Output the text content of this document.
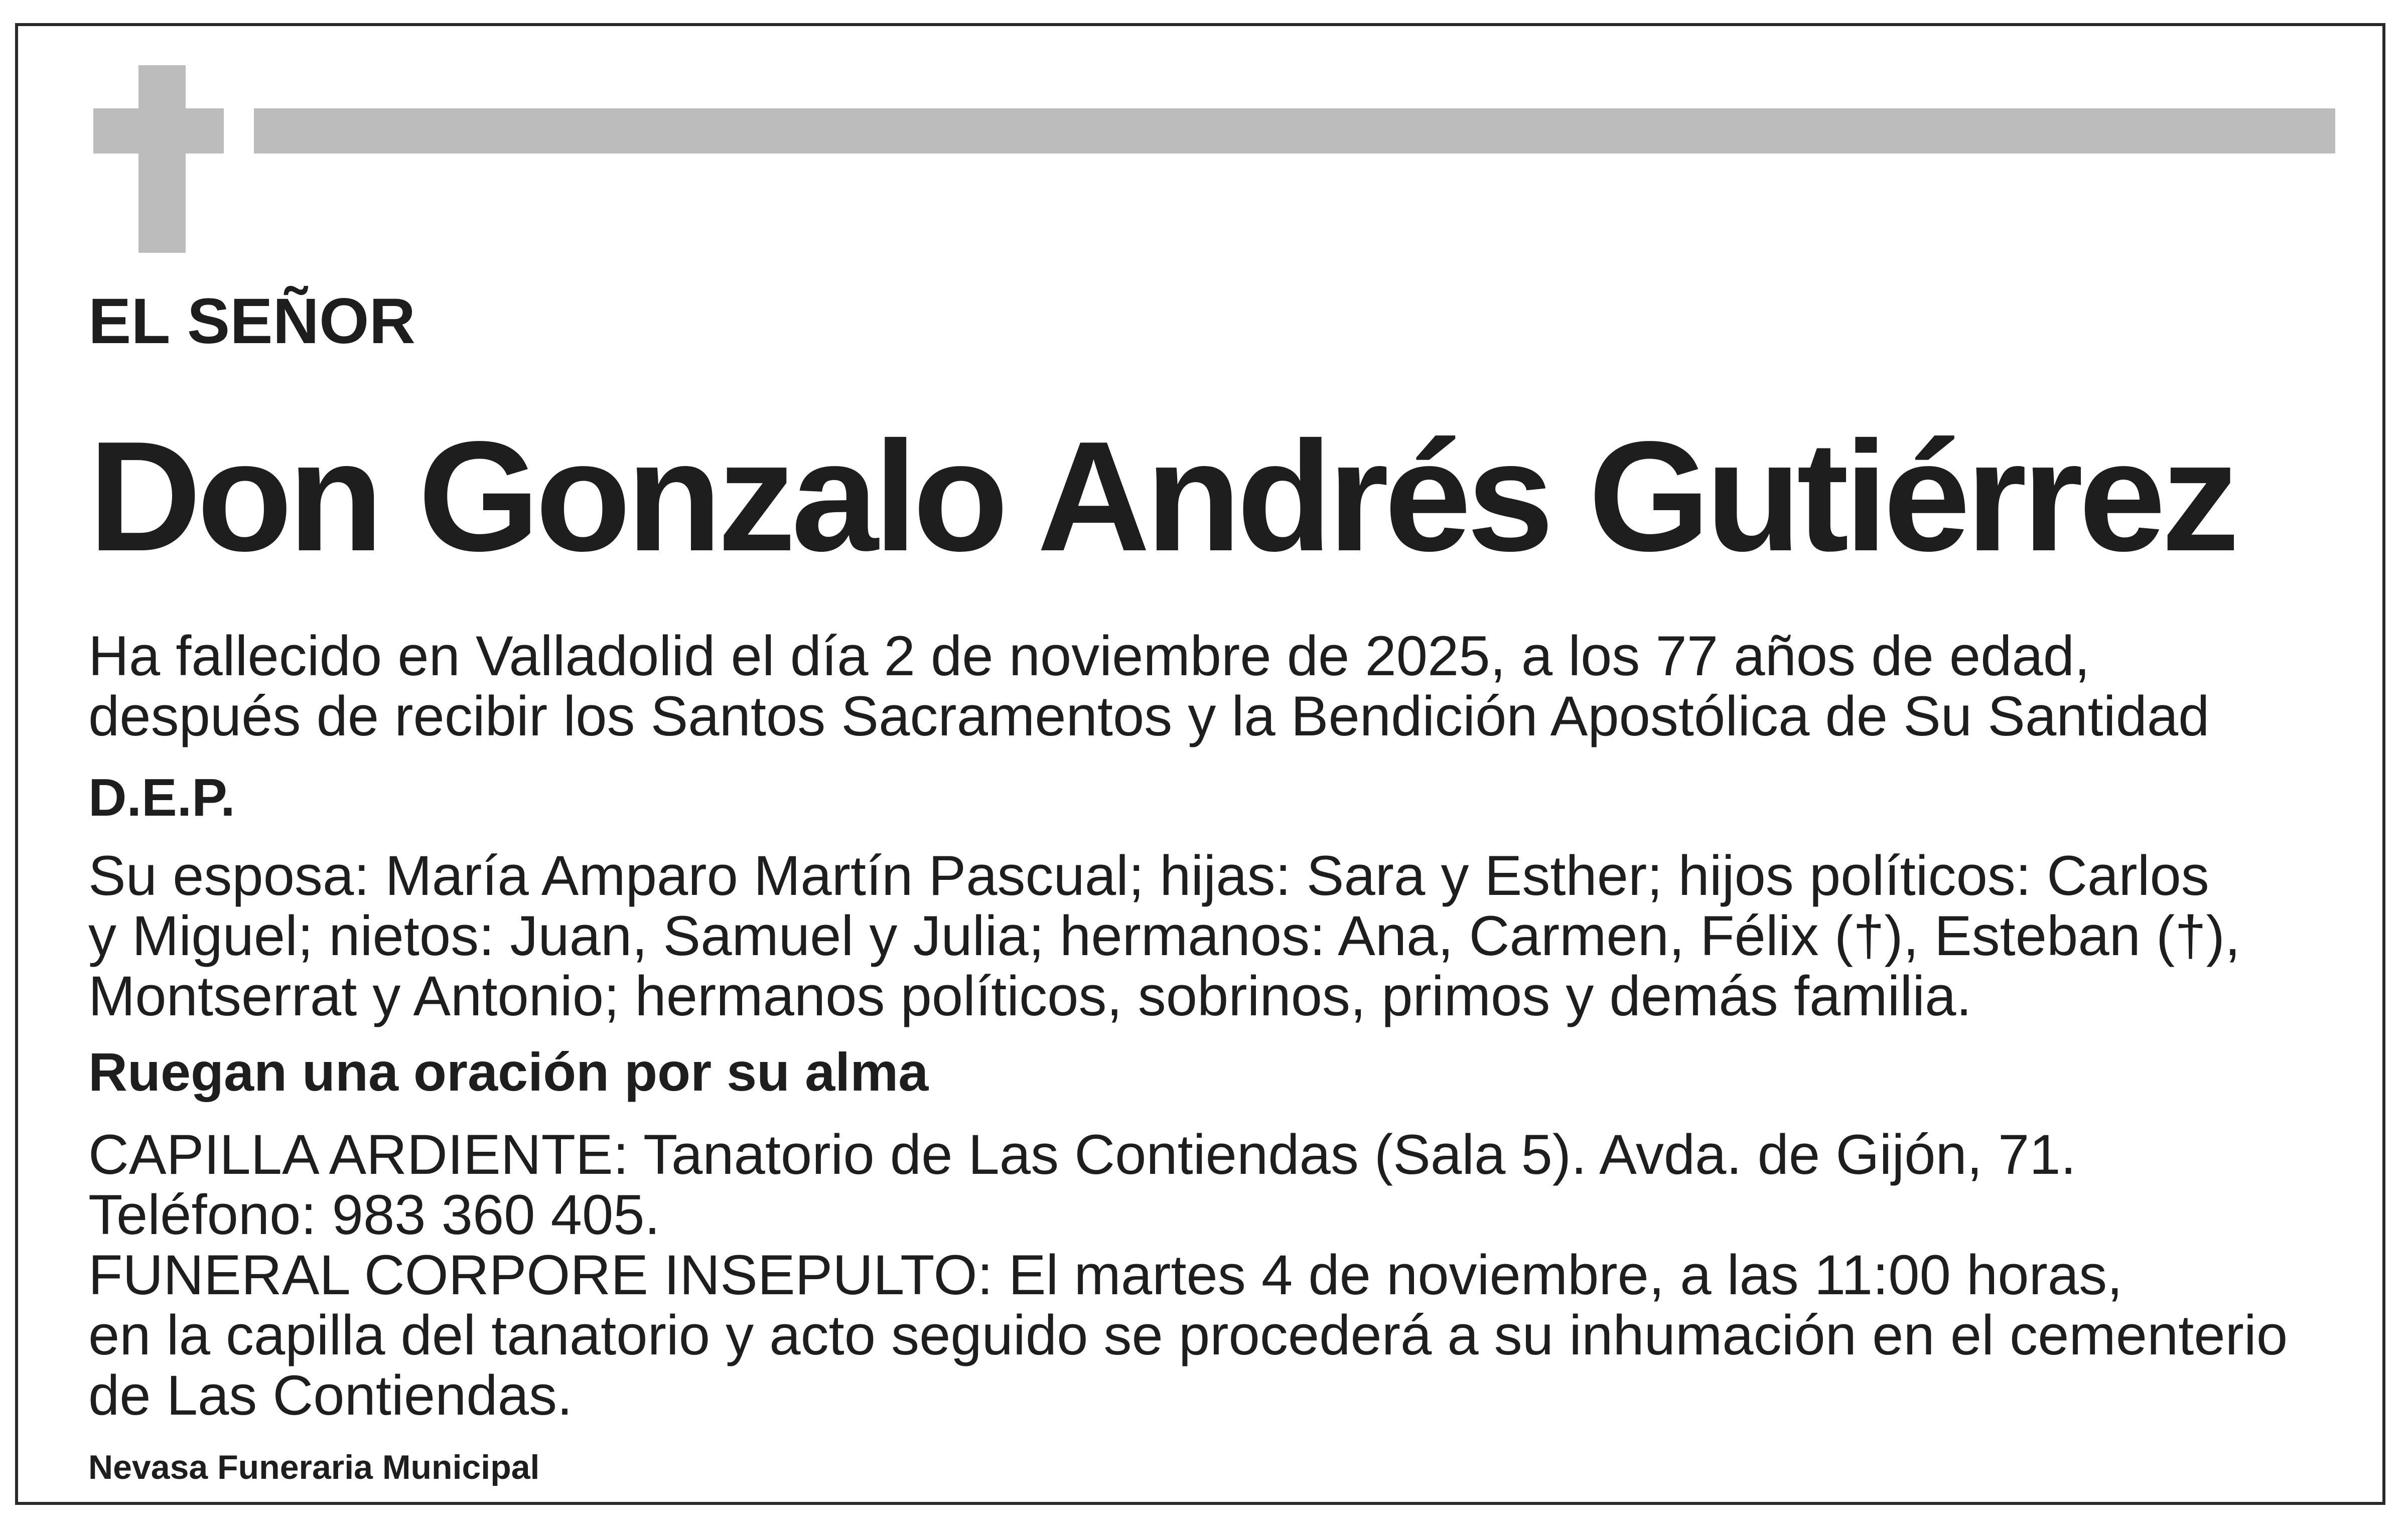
EL SEÑOR

Don Gonzalo Andrés Gutiérrez

Ha fallecido en Valladolid el día 2 de noviembre de 2025, a los 77 años de edad,
después de recibir los Santos Sacramentos y la Bendición Apostólica de Su Santidad

D.E.P.

Su esposa: María Amparo Martín Pascual; hijas: Sara y Esther; hijos políticos: Carlos
y Miguel; nietos: Juan, Samuel y Julia; hermanos: Ana, Carmen, Félix (†), Esteban (†),
Montserrat y Antonio; hermanos políticos, sobrinos, primos y demás familia.

Ruegan una oración por su alma

CAPILLA ARDIENTE: Tanatorio de Las Contiendas (Sala 5). Avda. de Gijón, 71.
Teléfono: 983 360 405.
FUNERAL CORPORE INSEPULTO: El martes 4 de noviembre, a las 11:00 horas,
en la capilla del tanatorio y acto seguido se procederá a su inhumación en el cementerio
de Las Contiendas.

Nevasa Funeraria Municipal
